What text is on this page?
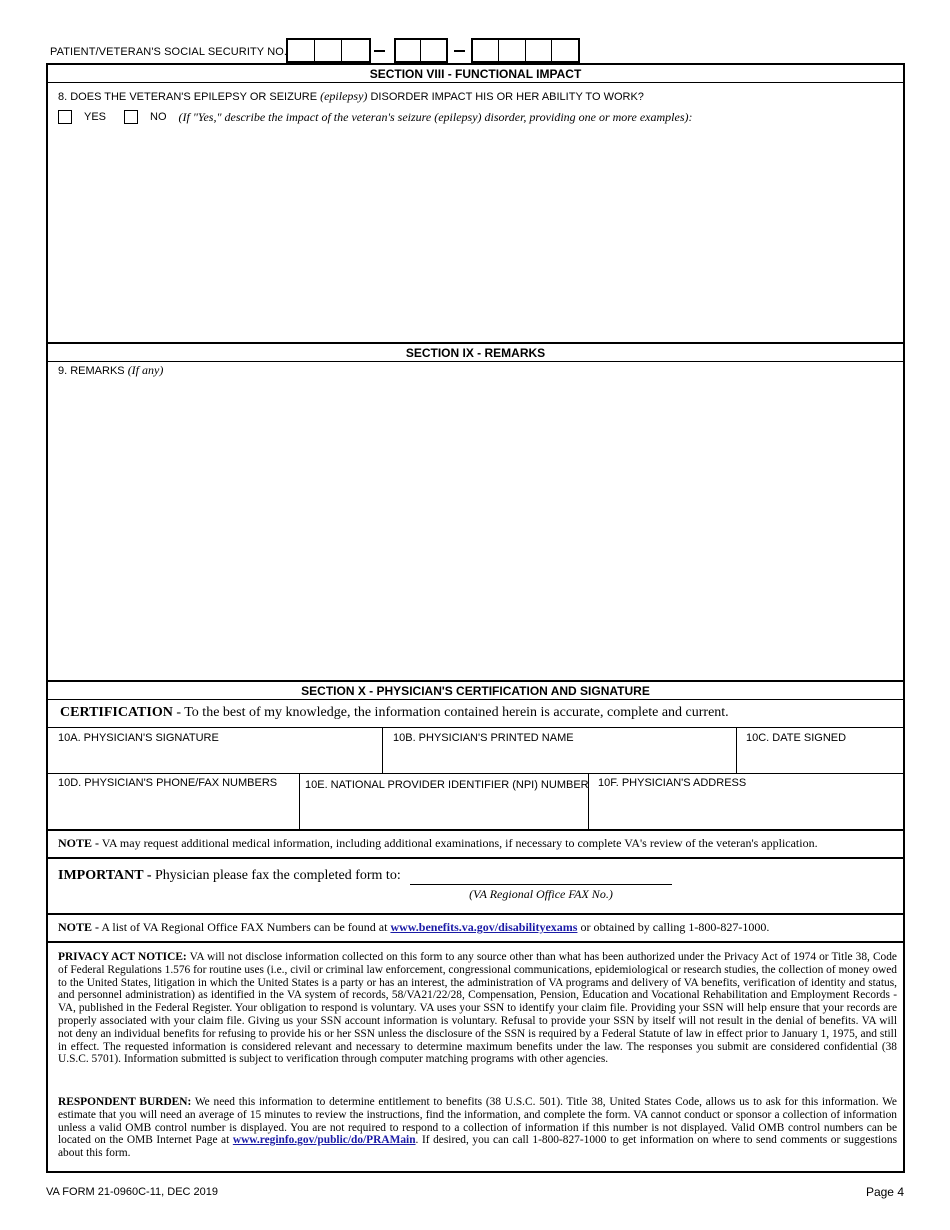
PATIENT/VETERAN'S SOCIAL SECURITY NO.
SECTION VIII - FUNCTIONAL IMPACT
8. DOES THE VETERAN'S EPILEPSY OR SEIZURE (epilepsy) DISORDER IMPACT HIS OR HER ABILITY TO WORK?
YES	NO (If "Yes," describe the impact of the veteran's seizure (epilepsy) disorder, providing one or more examples):
SECTION IX - REMARKS
9. REMARKS (If any)
SECTION X - PHYSICIAN'S CERTIFICATION AND SIGNATURE
CERTIFICATION - To the best of my knowledge, the information contained herein is accurate, complete and current.
10A. PHYSICIAN'S SIGNATURE	10B. PHYSICIAN'S PRINTED NAME	10C. DATE SIGNED
10D. PHYSICIAN'S PHONE/FAX NUMBERS	10E. NATIONAL PROVIDER IDENTIFIER (NPI) NUMBER 10F. PHYSICIAN'S ADDRESS
NOTE - VA may request additional medical information, including additional examinations, if necessary to complete VA's review of the veteran's application.
IMPORTANT - Physician please fax the completed form to:
(VA Regional Office FAX No.)
NOTE - A list of VA Regional Office FAX Numbers can be found at www.benefits.va.gov/disabilityexams or obtained by calling 1-800-827-1000.
PRIVACY ACT NOTICE: VA will not disclose information collected on this form to any source other than what has been authorized under the Privacy Act of 1974 or Title 38, Code of Federal Regulations 1.576 for routine uses (i.e., civil or criminal law enforcement, congressional communications, epidemiological or research studies, the collection of money owed to the United States, litigation in which the United States is a party or has an interest, the administration of VA programs and delivery of VA benefits, verification of identity and status, and personnel administration) as identified in the VA system of records, 58/VA21/22/28, Compensation, Pension, Education and Vocational Rehabilitation and Employment Records - VA, published in the Federal Register. Your obligation to respond is voluntary. VA uses your SSN to identify your claim file. Providing your SSN will help ensure that your records are properly associated with your claim file. Giving us your SSN account information is voluntary. Refusal to provide your SSN by itself will not result in the denial of benefits. VA will not deny an individual benefits for refusing to provide his or her SSN unless the disclosure of the SSN is required by a Federal Statute of law in effect prior to January 1, 1975, and still in effect. The requested information is considered relevant and necessary to determine maximum benefits under the law. The responses you submit are considered confidential (38 U.S.C. 5701). Information submitted is subject to verification through computer matching programs with other agencies.
RESPONDENT BURDEN: We need this information to determine entitlement to benefits (38 U.S.C. 501). Title 38, United States Code, allows us to ask for this information. We estimate that you will need an average of 15 minutes to review the instructions, find the information, and complete the form. VA cannot conduct or sponsor a collection of information unless a valid OMB control number is displayed. You are not required to respond to a collection of information if this number is not displayed. Valid OMB control numbers can be located on the OMB Internet Page at www.reginfo.gov/public/do/PRAMain. If desired, you can call 1-800-827-1000 to get information on where to send comments or suggestions about this form.
VA FORM 21-0960C-11, DEC 2019	Page 4
